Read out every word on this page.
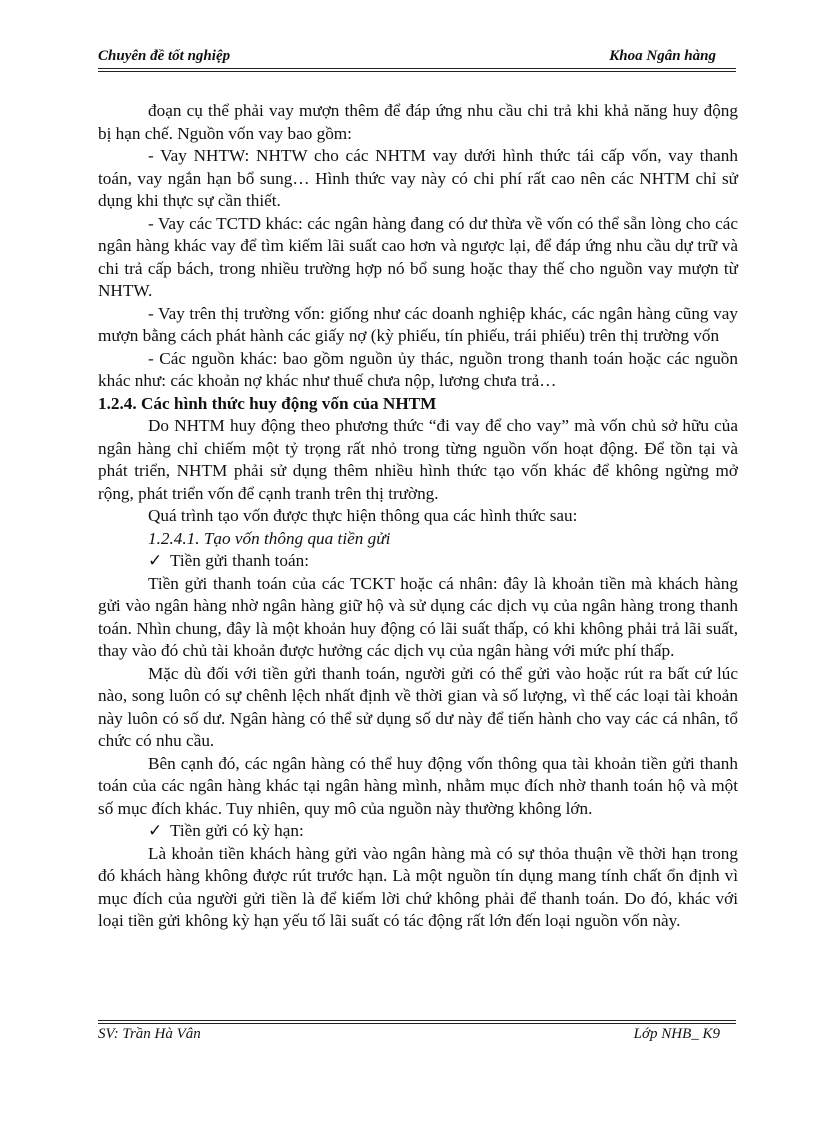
Chuyên đề tốt nghiệp	Khoa Ngân hàng

đoạn cụ thể phải vay mượn thêm để đáp ứng nhu cầu chi trả khi khả năng huy động bị hạn chế. Nguồn vốn vay bao gồm:

- Vay NHTW: NHTW cho các NHTM vay dưới hình thức tái cấp vốn, vay thanh toán, vay ngắn hạn bổ sung… Hình thức vay này có chi phí rất cao nên các NHTM chỉ sử dụng khi thực sự cần thiết.

- Vay các TCTD khác: các ngân hàng đang có dư thừa về vốn có thể sẵn lòng cho các ngân hàng khác vay để tìm kiếm lãi suất cao hơn và ngược lại, để đáp ứng nhu cầu dự trữ và chi trả cấp bách, trong nhiều trường hợp nó bổ sung hoặc thay thế cho nguồn vay mượn từ NHTW.

- Vay trên thị trường vốn: giống như các doanh nghiệp khác, các ngân hàng cũng vay mượn bằng cách phát hành các giấy nợ (kỳ phiếu, tín phiếu, trái phiếu) trên thị trường vốn

- Các nguồn khác: bao gồm nguồn ủy thác, nguồn trong thanh toán hoặc các nguồn khác như: các khoản nợ khác như thuế chưa nộp, lương chưa trả…

1.2.4. Các hình thức huy động vốn của NHTM

Do NHTM huy động theo phương thức “đi vay để cho vay” mà vốn chủ sở hữu của ngân hàng chỉ chiếm một tỷ trọng rất nhỏ trong từng nguồn vốn hoạt động. Để tồn tại và phát triển, NHTM phải sử dụng thêm nhiều hình thức tạo vốn khác để không ngừng mở rộng, phát triển vốn để cạnh tranh trên thị trường.

Quá trình tạo vốn được thực hiện thông qua các hình thức sau:

1.2.4.1. Tạo vốn thông qua tiền gửi

✓ Tiền gửi thanh toán:

Tiền gửi thanh toán của các TCKT hoặc cá nhân: đây là khoản tiền mà khách hàng gửi vào ngân hàng nhờ ngân hàng giữ hộ và sử dụng các dịch vụ của ngân hàng trong thanh toán. Nhìn chung, đây là một khoản huy động có lãi suất thấp, có khi không phải trả lãi suất, thay vào đó chủ tài khoản được hưởng các dịch vụ của ngân hàng với mức phí thấp.

Mặc dù đối với tiền gửi thanh toán, người gửi có thể gửi vào hoặc rút ra bất cứ lúc nào, song luôn có sự chênh lệch nhất định về thời gian và số lượng, vì thế các loại tài khoản này luôn có số dư. Ngân hàng có thể sử dụng số dư này để tiến hành cho vay các cá nhân, tổ chức có nhu cầu.

Bên cạnh đó, các ngân hàng có thể huy động vốn thông qua tài khoản tiền gửi thanh toán của các ngân hàng khác tại ngân hàng mình, nhằm mục đích nhờ thanh toán hộ và một số mục đích khác. Tuy nhiên, quy mô của nguồn này thường không lớn.

✓ Tiền gửi có kỳ hạn:

Là khoản tiền khách hàng gửi vào ngân hàng mà có sự thỏa thuận về thời hạn trong đó khách hàng không được rút trước hạn. Là một nguồn tín dụng mang tính chất ổn định vì mục đích của người gửi tiền là để kiếm lời chứ không phải để thanh toán. Do đó, khác với loại tiền gửi không kỳ hạn yếu tố lãi suất có tác động rất lớn đến loại nguồn vốn này.

SV: Trần Hà Vân	Lớp NHB_ K9
